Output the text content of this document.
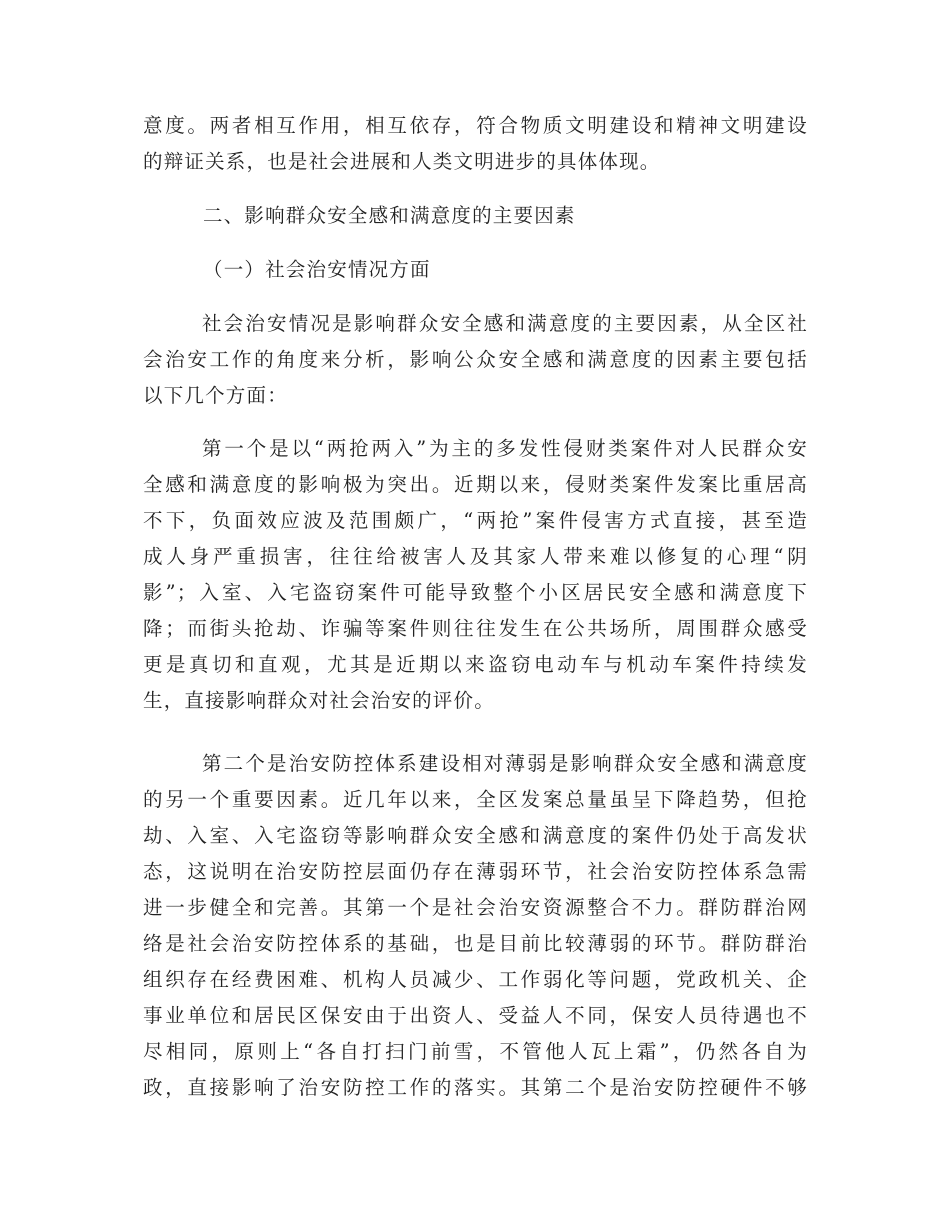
意度。两者相互作用，相互依存，符合物质文明建设和精神文明建设
的辩证关系，也是社会进展和人类文明进步的具体体现。
二、影响群众安全感和满意度的主要因素
（一）社会治安情况方面
社会治安情况是影响群众安全感和满意度的主要因素，从全区社
会治安工作的角度来分析，影响公众安全感和满意度的因素主要包括
以下几个方面：
第一个是以“两抢两入”为主的多发性侵财类案件对人民群众安
全感和满意度的影响极为突出。近期以来，侵财类案件发案比重居高
不下，负面效应波及范围颇广，“两抢”案件侵害方式直接，甚至造
成人身严重损害，往往给被害人及其家人带来难以修复的心理“阴
影”；入室、入宅盗窃案件可能导致整个小区居民安全感和满意度下
降；而街头抢劫、诈骗等案件则往往发生在公共场所，周围群众感受
更是真切和直观，尤其是近期以来盗窃电动车与机动车案件持续发
生，直接影响群众对社会治安的评价。
第二个是治安防控体系建设相对薄弱是影响群众安全感和满意度
的另一个重要因素。近几年以来，全区发案总量虽呈下降趋势，但抢
劫、入室、入宅盗窃等影响群众安全感和满意度的案件仍处于高发状
态，这说明在治安防控层面仍存在薄弱环节，社会治安防控体系急需
进一步健全和完善。其第一个是社会治安资源整合不力。群防群治网
络是社会治安防控体系的基础，也是目前比较薄弱的环节。群防群治
组织存在经费困难、机构人员减少、工作弱化等问题，党政机关、企
事业单位和居民区保安由于出资人、受益人不同，保安人员待遇也不
尽相同，原则上“各自打扫门前雪，不管他人瓦上霜”，仍然各自为
政，直接影响了治安防控工作的落实。其第二个是治安防控硬件不够
